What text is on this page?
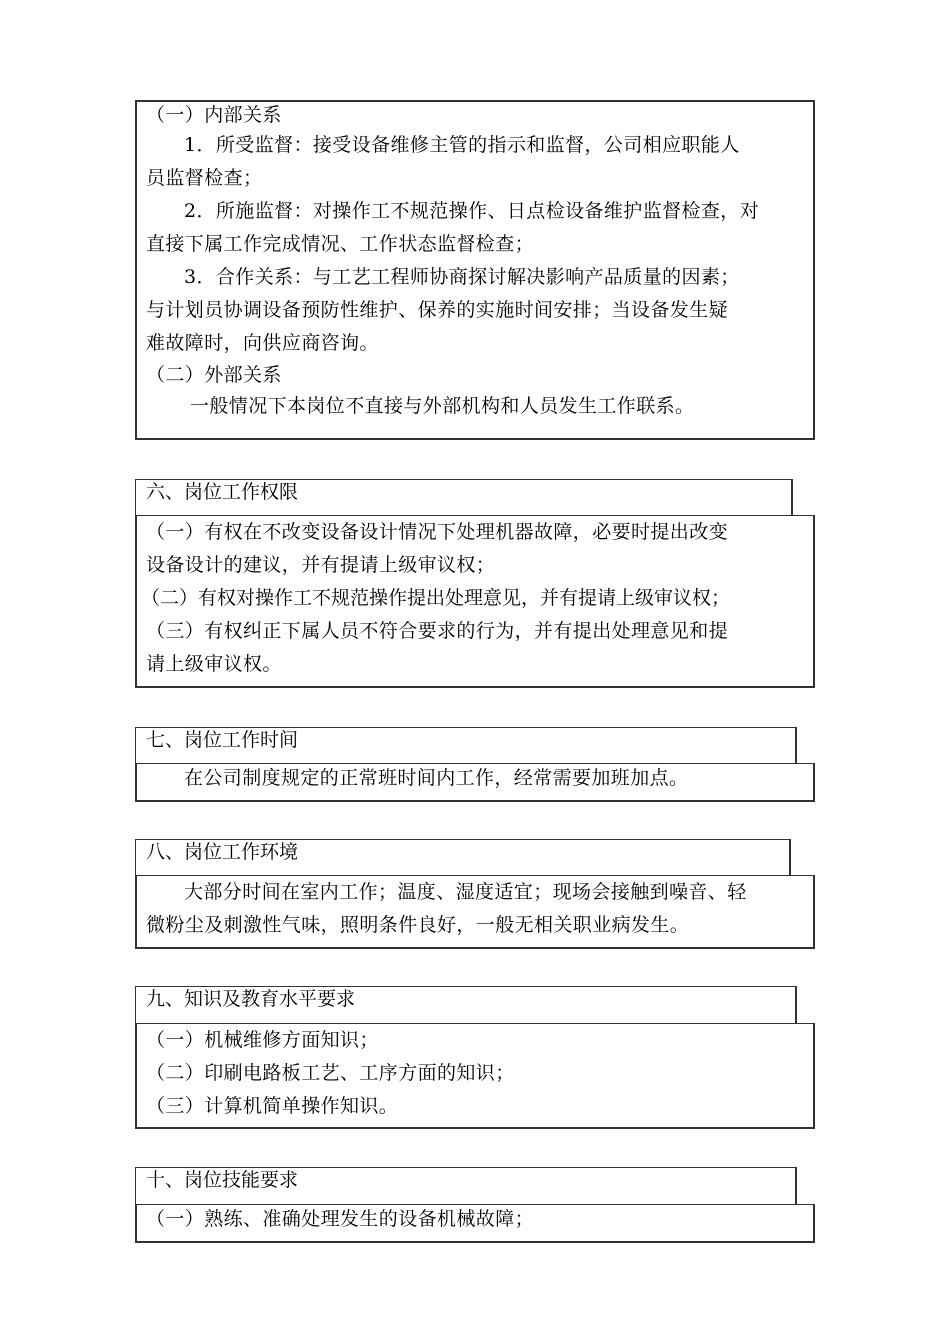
（一）内部关系
1．所受监督：接受设备维修主管的指示和监督，公司相应职能人
员监督检查；
2．所施监督：对操作工不规范操作、日点检设备维护监督检查，对
直接下属工作完成情况、工作状态监督检查；
3．合作关系：与工艺工程师协商探讨解决影响产品质量的因素；
与计划员协调设备预防性维护、保养的实施时间安排；当设备发生疑
难故障时，向供应商咨询。
（二）外部关系
一般情况下本岗位不直接与外部机构和人员发生工作联系。
六、岗位工作权限
（一）有权在不改变设备设计情况下处理机器故障，必要时提出改变
设备设计的建议，并有提请上级审议权；
（二）有权对操作工不规范操作提出处理意见，并有提请上级审议权；
（三）有权纠正下属人员不符合要求的行为，并有提出处理意见和提
请上级审议权。
七、岗位工作时间
在公司制度规定的正常班时间内工作，经常需要加班加点。
八、岗位工作环境
大部分时间在室内工作；温度、湿度适宜；现场会接触到噪音、轻
微粉尘及刺激性气味，照明条件良好，一般无相关职业病发生。
九、知识及教育水平要求
（一）机械维修方面知识；
（二）印刷电路板工艺、工序方面的知识；
（三）计算机简单操作知识。
十、岗位技能要求
（一）熟练、准确处理发生的设备机械故障；
